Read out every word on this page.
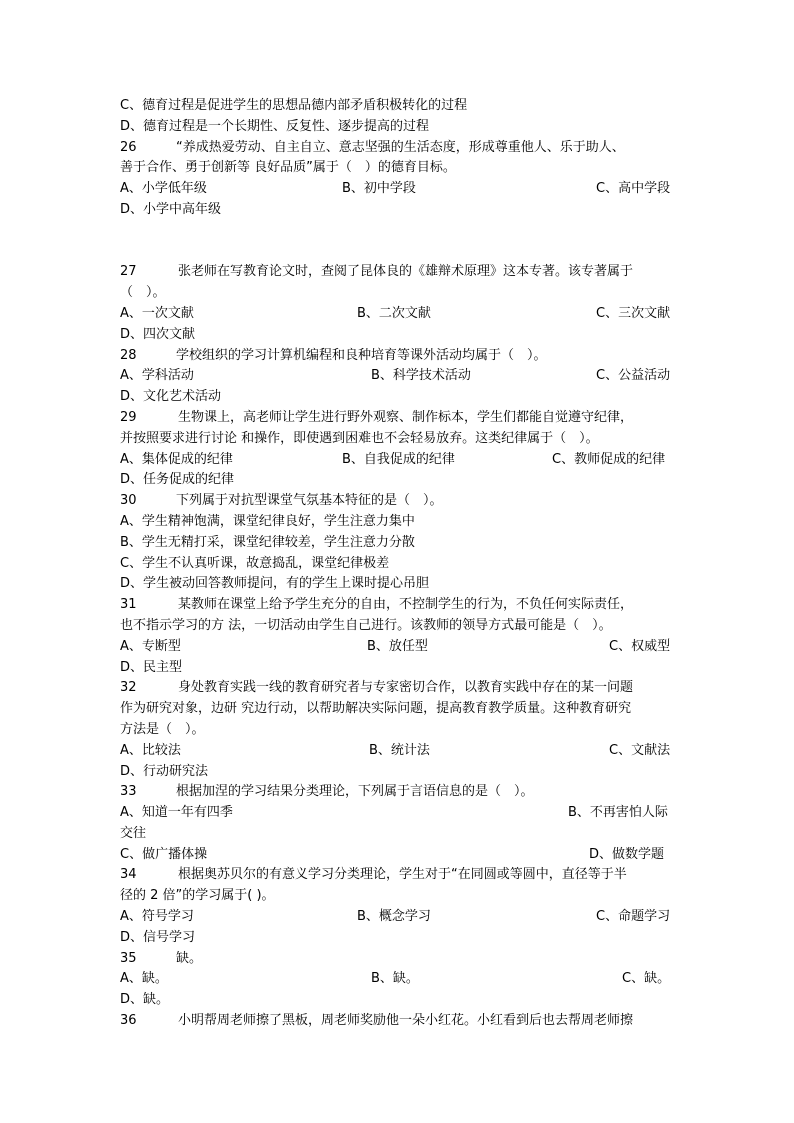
C、德育过程是促进学生的思想品德内部矛盾积极转化的过程
D、德育过程是一个长期性、反复性、逐步提高的过程
26	“养成热爱劳动、自主自立、意志坚强的生活态度，形成尊重他人、乐于助人、
善于合作、勇于创新等 良好品质”属于（　）的德育目标。
A、小学低年级	B、初中学段	C、高中学段
D、小学中高年级
27	张老师在写教育论文时，查阅了昆体良的《雄辩术原理》这本专著。该专著属于
（　）。
A、一次文献	B、二次文献	C、三次文献
D、四次文献
28	学校组织的学习计算机编程和良种培育等课外活动均属于（　）。
A、学科活动	B、科学技术活动	C、公益活动
D、文化艺术活动
29	生物课上，高老师让学生进行野外观察、制作标本，学生们都能自觉遵守纪律，
并按照要求进行讨论 和操作，即使遇到困难也不会轻易放弃。这类纪律属于（　）。
A、集体促成的纪律	B、自我促成的纪律	C、教师促成的纪律
D、任务促成的纪律
30	下列属于对抗型课堂气氛基本特征的是（　）。
A、学生精神饱满，课堂纪律良好，学生注意力集中
B、学生无精打采，课堂纪律较差，学生注意力分散
C、学生不认真听课，故意捣乱，课堂纪律极差
D、学生被动回答教师提问，有的学生上课时提心吊胆
31	某教师在课堂上给予学生充分的自由，不控制学生的行为，不负任何实际责任，
也不指示学习的方 法，一切活动由学生自己进行。该教师的领导方式最可能是（　）。
A、专断型	B、放任型	C、权威型
D、民主型
32	身处教育实践一线的教育研究者与专家密切合作，以教育实践中存在的某一问题
作为研究对象，边研 究边行动，以帮助解决实际问题，提高教育教学质量。这种教育研究
方法是（　）。
A、比较法	B、统计法	C、文献法
D、行动研究法
33	根据加涅的学习结果分类理论，下列属于言语信息的是（　）。
A、知道一年有四季	B、不再害怕人际
交往
C、做广播体操	D、做数学题
34	根据奥苏贝尔的有意义学习分类理论，学生对于“在同圆或等圆中，直径等于半
径的 2 倍”的学习属于( )。
A、符号学习	B、概念学习	C、命题学习
D、信号学习
35	缺。
A、缺。	B、缺。	C、缺。
D、缺。
36	小明帮周老师擦了黑板，周老师奖励他一朵小红花。小红看到后也去帮周老师擦
